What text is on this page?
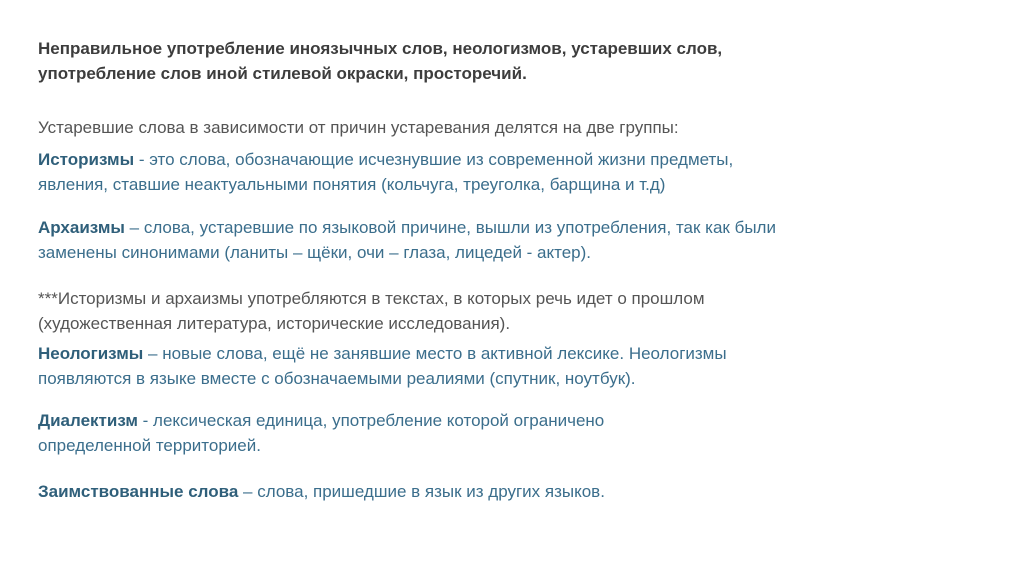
Неправильное употребление иноязычных слов, неологизмов, устаревших слов,
употребление слов иной стилевой окраски, просторечий.
Устаревшие слова в зависимости от причин устаревания делятся на две группы:
Историзмы - это слова, обозначающие исчезнувшие из современной жизни предметы,
явления, ставшие неактуальными понятия (кольчуга, треуголка, барщина и т.д)
Архаизмы – слова, устаревшие по языковой причине, вышли из употребления, так как были
заменены синонимами (ланиты – щёки, очи – глаза, лицедей - актер).
***Историзмы и архаизмы употребляются в текстах, в которых речь идет о прошлом
(художественная литература, исторические исследования).
Неологизмы – новые слова, ещё не занявшие место в активной лексике. Неологизмы
появляются в языке вместе с обозначаемыми реалиями (спутник, ноутбук).
Диалектизм - лексическая единица, употребление которой ограничено
определенной территорией.
Заимствованные слова – слова, пришедшие в язык из других языков.
